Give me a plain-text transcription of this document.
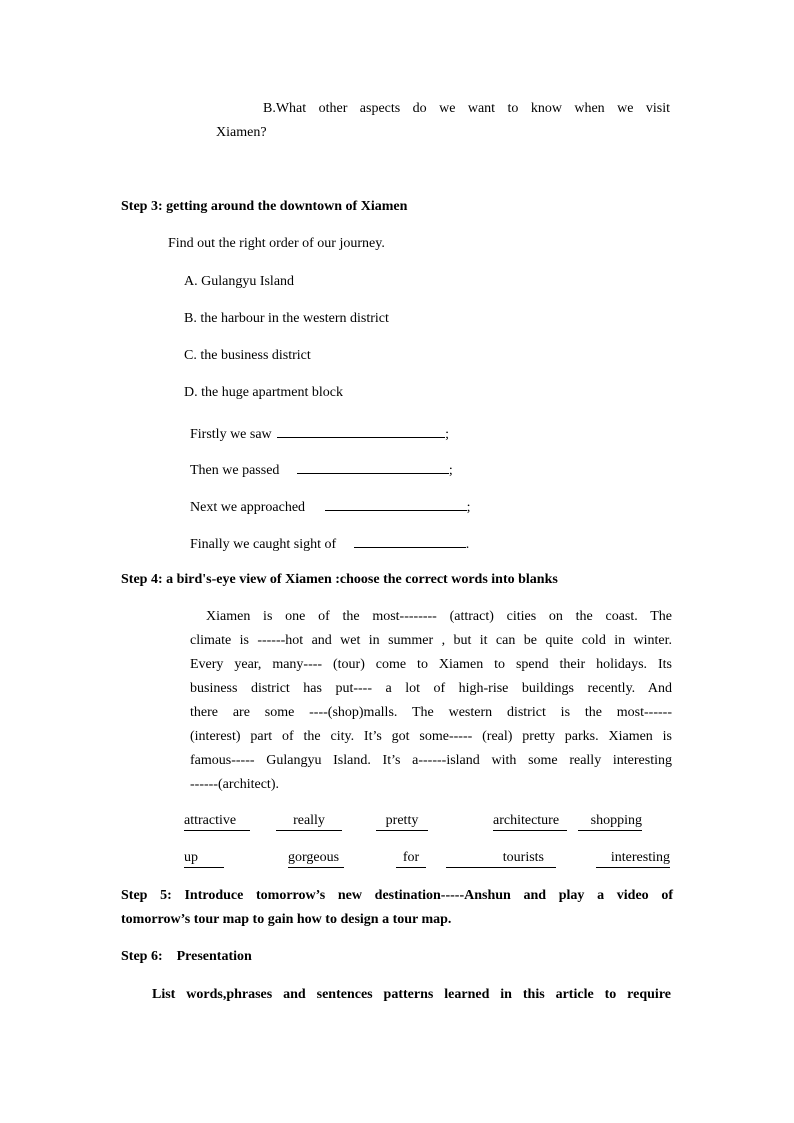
B.What other aspects do we want to know when we visit
Xiamen?
Step 3: getting around the downtown of Xiamen
Find out the right order of our journey.
A. Gulangyu Island
B. the harbour in the western district
C. the business district
D. the huge apartment block
Firstly we saw	;
Then we passed	;
Next we approached	;
Finally we caught sight of	.
Step 4: a bird's-eye view of Xiamen :choose the correct words into blanks
Xiamen is one of the most-------- (attract) cities on the coast. The
climate is ------hot and wet in summer , but it can be quite cold in winter.
Every year, many---- (tour) come to Xiamen to spend their holidays. Its
business district has put---- a lot of high-rise buildings recently. And
there are some ----(shop)malls. The western district is the most------
(interest) part of the city. It’s got some----- (real) pretty parks. Xiamen is
famous----- Gulangyu Island. It’s a------island with some really interesting
------(architect).
attractive	really	pretty	architecture	shopping
up	gorgeous	for	tourists	interesting
Step 5: Introduce tomorrow’s new destination-----Anshun and play a video of
tomorrow’s tour map to gain how to design a tour map.
Step 6:    Presentation
List words,phrases and sentences patterns learned in this article to require
